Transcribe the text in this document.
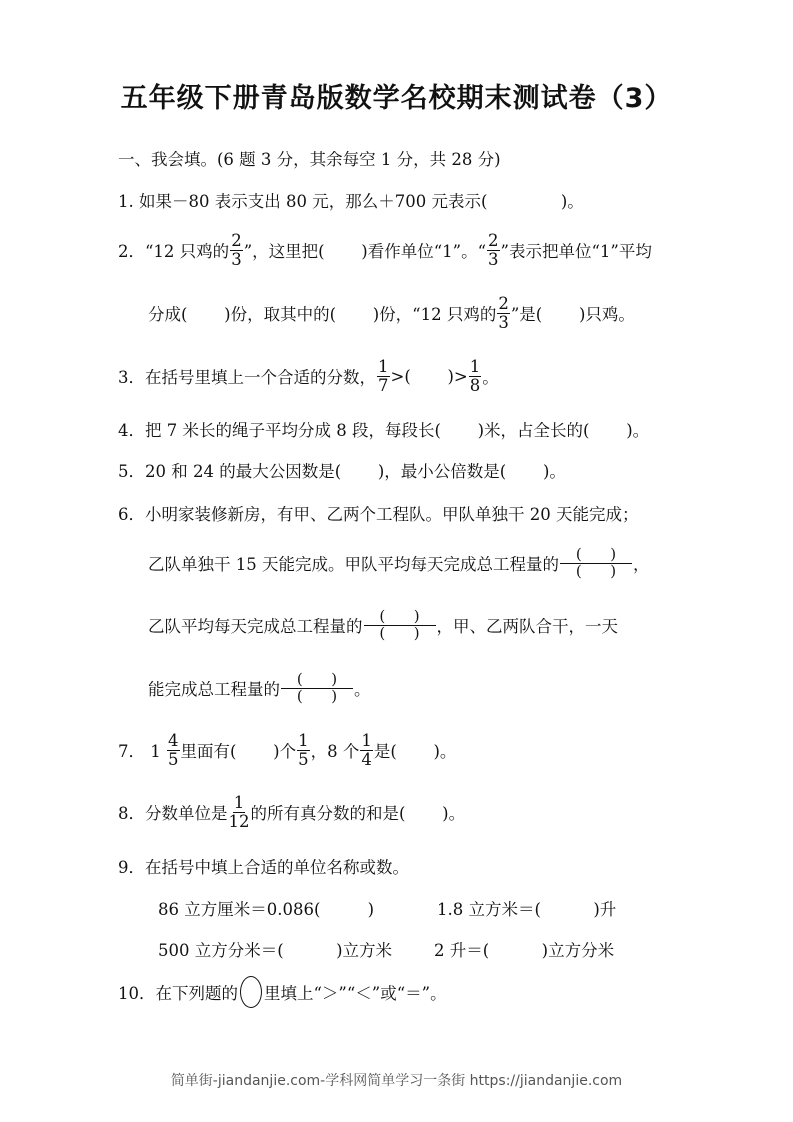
五年级下册青岛版数学名校期末测试卷（3）
一、我会填。(6 题 3 分，其余每空 1 分，共 28 分)
1. 如果－80 表示支出 80 元，那么＋700 元表示(              )。
2．“12 只鸡的 $\frac{2}{3}$ ”，这里把(       )看作单位“1”。“ $\frac{2}{3}$ ”表示把单位“1”平均
分成(       )份，取其中的(       )份，“12 只鸡的 $\frac{2}{3}$ ”是(       )只鸡。
3．在括号里填上一个合适的分数， $\frac{1}{7}$ >(       )> $\frac{1}{8}$ 。
4．把 7 米长的绳子平均分成 8 段，每段长(       )米，占全长的(       )。
5．20 和 24 的最大公因数是(       )，最小公倍数是(       )。
6．小明家装修新房，有甲、乙两个工程队。甲队单独干 20 天能完成；
乙队单独干 15 天能完成。甲队平均每天完成总工程量的 $\frac{( )}{( )}$ ，
乙队平均每天完成总工程量的 $\frac{( )}{( )}$ ，甲、乙两队合干，一天
能完成总工程量的 $\frac{( )}{( )}$ 。
7． $1 \frac{4}{5}$ 里面有(       )个 $\frac{1}{5}$ ，8 个 $\frac{1}{4}$ 是(       )。
8．分数单位是 $\frac{1}{12}$ 的所有真分数的和是(       )。
9．在括号中填上合适的单位名称或数。
86 立方厘米＝0.086(         )            1.8 立方米＝(          )升
500 立方分米＝(          )立方米        2 升＝(          )立方分米
10．在下列题的 里填上“＞”“＜”或“＝”。
简单街-jiandanjie.com-学科网简单学习一条街 https://jiandanjie.com
